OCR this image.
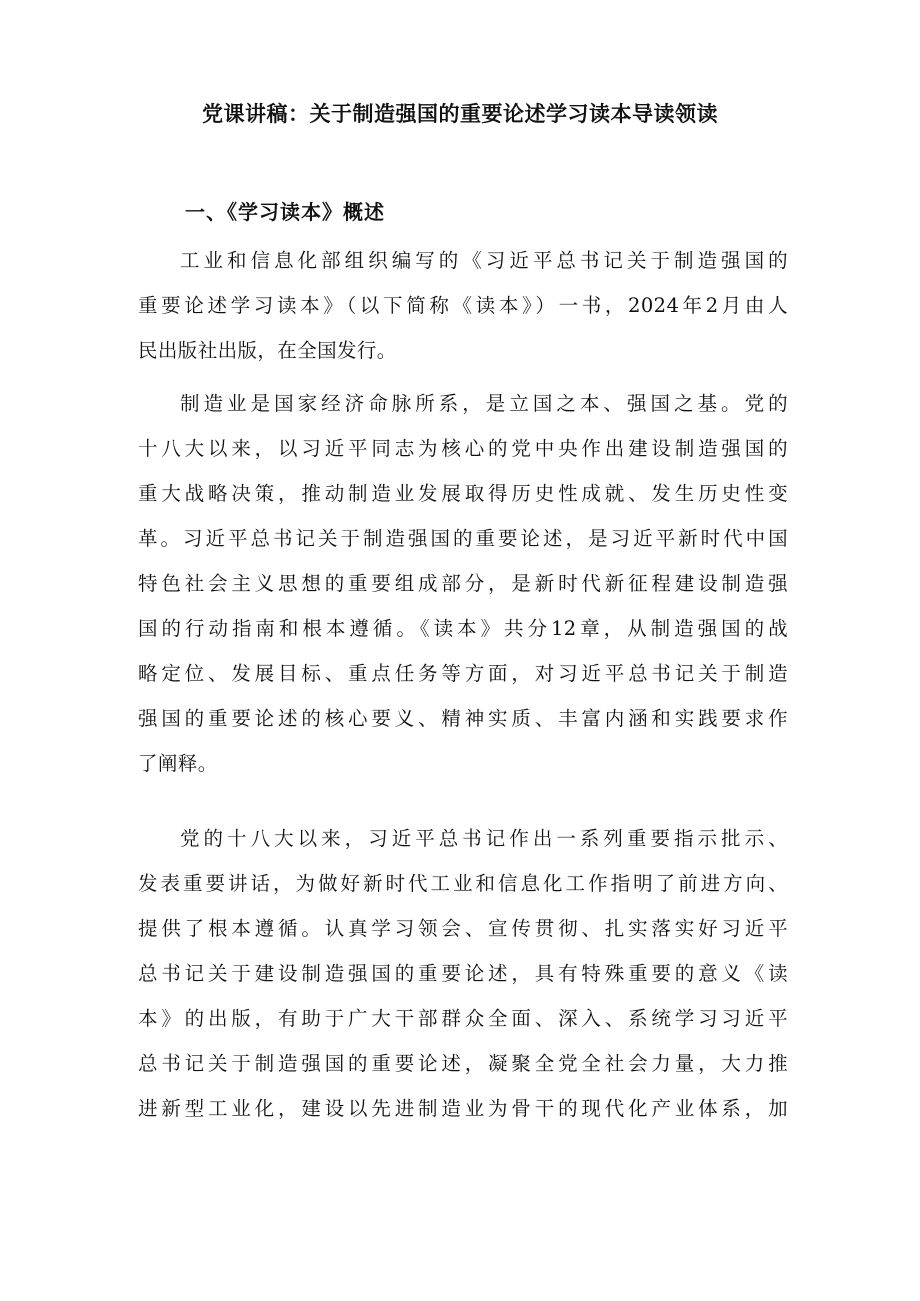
党课讲稿：关于制造强国的重要论述学习读本导读领读
一、《学习读本》概述
工业和信息化部组织编写的《习近平总书记关于制造强国的
重要论述学习读本》（以下简称《读本》）一书，2024年2月由人
民出版社出版，在全国发行。
制造业是国家经济命脉所系，是立国之本、强国之基。党的
十八大以来，以习近平同志为核心的党中央作出建设制造强国的
重大战略决策，推动制造业发展取得历史性成就、发生历史性变
革。习近平总书记关于制造强国的重要论述，是习近平新时代中国
特色社会主义思想的重要组成部分，是新时代新征程建设制造强
国的行动指南和根本遵循。《读本》共分12章，从制造强国的战
略定位、发展目标、重点任务等方面，对习近平总书记关于制造
强国的重要论述的核心要义、精神实质、丰富内涵和实践要求作
了阐释。
党的十八大以来，习近平总书记作出一系列重要指示批示、
发表重要讲话，为做好新时代工业和信息化工作指明了前进方向、
提供了根本遵循。认真学习领会、宣传贯彻、扎实落实好习近平
总书记关于建设制造强国的重要论述，具有特殊重要的意义《读
本》的出版，有助于广大干部群众全面、深入、系统学习习近平
总书记关于制造强国的重要论述，凝聚全党全社会力量，大力推
进新型工业化，建设以先进制造业为骨干的现代化产业体系，加
